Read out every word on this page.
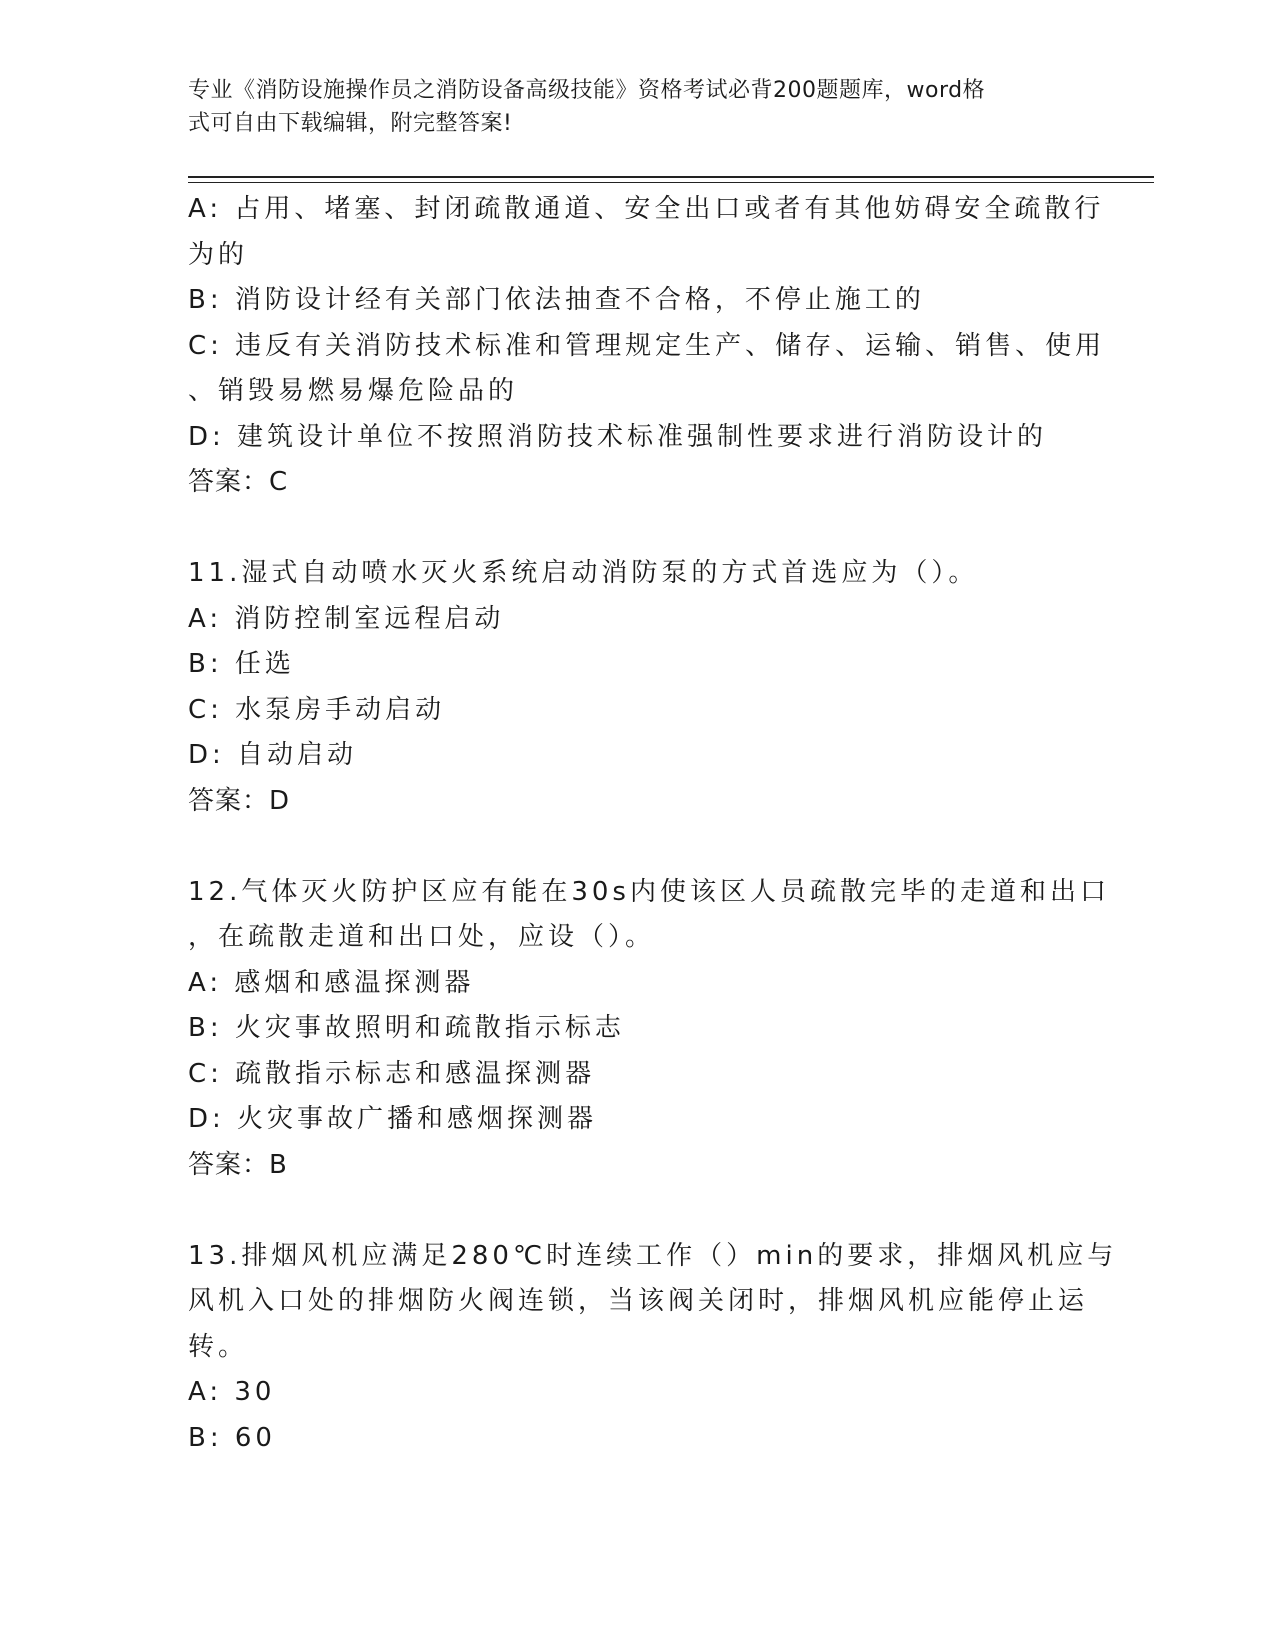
专业《消防设施操作员之消防设备高级技能》资格考试必背200题题库，word格
式可自由下载编辑，附完整答案!
A: 占用、堵塞、封闭疏散通道、安全出口或者有其他妨碍安全疏散行
为的
B: 消防设计经有关部门依法抽查不合格，不停止施工的
C: 违反有关消防技术标准和管理规定生产、储存、运输、销售、使用
、销毁易燃易爆危险品的
D: 建筑设计单位不按照消防技术标准强制性要求进行消防设计的
答案：C
11.湿式自动喷水灭火系统启动消防泵的方式首选应为（）。
A: 消防控制室远程启动
B: 任选
C: 水泵房手动启动
D: 自动启动
答案：D
12.气体灭火防护区应有能在30s内使该区人员疏散完毕的走道和出口
，在疏散走道和出口处，应设（）。
A: 感烟和感温探测器
B: 火灾事故照明和疏散指示标志
C: 疏散指示标志和感温探测器
D: 火灾事故广播和感烟探测器
答案：B
13.排烟风机应满足280℃时连续工作（）min的要求，排烟风机应与
风机入口处的排烟防火阀连锁，当该阀关闭时，排烟风机应能停止运
转。
A: 30
B: 60
